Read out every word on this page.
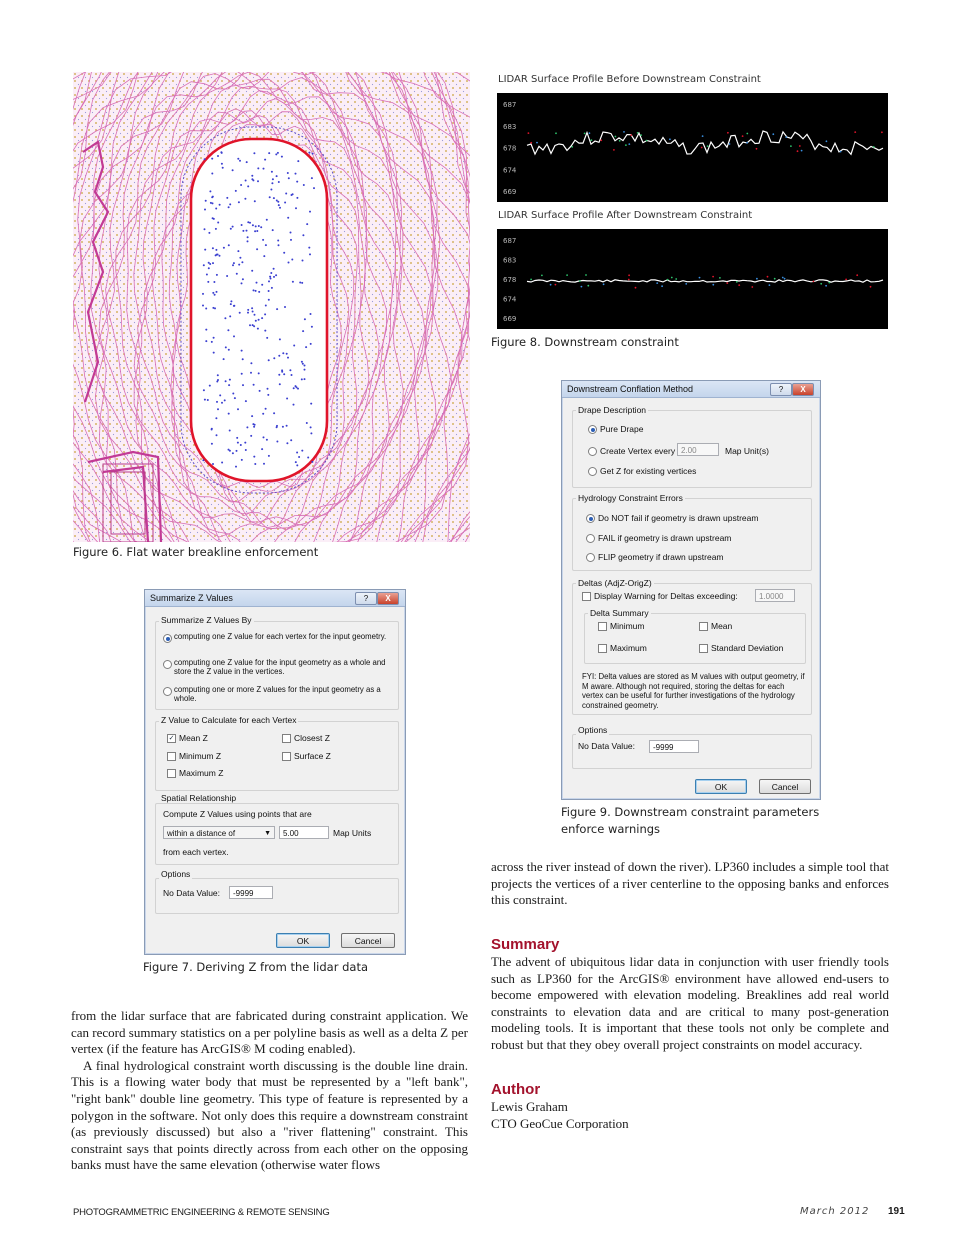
Figure 6. Flat water breakline enforcement
LIDAR Surface Profile Before Downstream Constraint
687
683
678
674
669
LIDAR Surface Profile After Downstream Constraint
687
683
678
674
669
Figure 8. Downstream constraint
Downstream Conflation Method	?	X
Drape Description
Pure Drape
Create Vertex every 2.00	Map Unit(s)
Get Z for existing vertices
Hydrology Constraint Errors
Do NOT fail if geometry is drawn upstream
FAIL if geometry is drawn upstream
FLIP geometry if drawn upstream
Deltas (AdjZ-OrigZ)
Display Warning for Deltas exceeding:	1.0000
Delta Summary
Minimum	Mean
Maximum	Standard Deviation
FYI: Delta values are stored as M values with output geometry, if M aware. Although not required, storing the deltas for each vertex can be useful for further investigations of the hydrology constrained geometry.
Options
No Data Value:	-9999
OK	Cancel
Figure 9. Downstream constraint parameters
enforce warnings
Summarize Z Values	?	X
Summarize Z Values By
computing one Z value for each vertex for the input geometry.
computing one Z value for the input geometry as a whole and store the Z value in the vertices.
computing one or more Z values for the input geometry as a whole.
Z Value to Calculate for each Vertex
✓ Mean Z	Closest Z
Minimum Z	Surface Z
Maximum Z
Spatial Relationship
Compute Z Values using points that are
within a distance of	▼	5.00	Map Units
from each vertex.
Options
No Data Value:	-9999
OK	Cancel
Figure 7. Deriving Z from the lidar data

from the lidar surface that are fabricated during constraint application. We can record summary statistics on a per polyline basis as well as a delta Z per vertex (if the feature has ArcGIS® M coding enabled).

A final hydrological constraint worth discussing is the double line drain. This is a flowing water body that must be represented by a "left bank", "right bank" double line geometry. This type of feature is represented by a polygon in the software. Not only does this require a downstream constraint (as previously discussed) but also a "river flattening" constraint. This constraint says that points directly across from each other on the opposing banks must have the same elevation (otherwise water flows

across the river instead of down the river). LP360 includes a simple tool that projects the vertices of a river centerline to the opposing banks and enforces this constraint.

Summary
The advent of ubiquitous lidar data in conjunction with user friendly tools such as LP360 for the ArcGIS® environment have allowed end-users to become empowered with elevation modeling. Breaklines add real world constraints to elevation data and are critical to many post-generation modeling tools. It is important that these tools not only be complete and robust but that they obey overall project constraints on model accuracy.
Author
Lewis Graham
CTO GeoCue Corporation
PHOTOGRAMMETRIC ENGINEERING & REMOTE SENSING	March 2012 191
